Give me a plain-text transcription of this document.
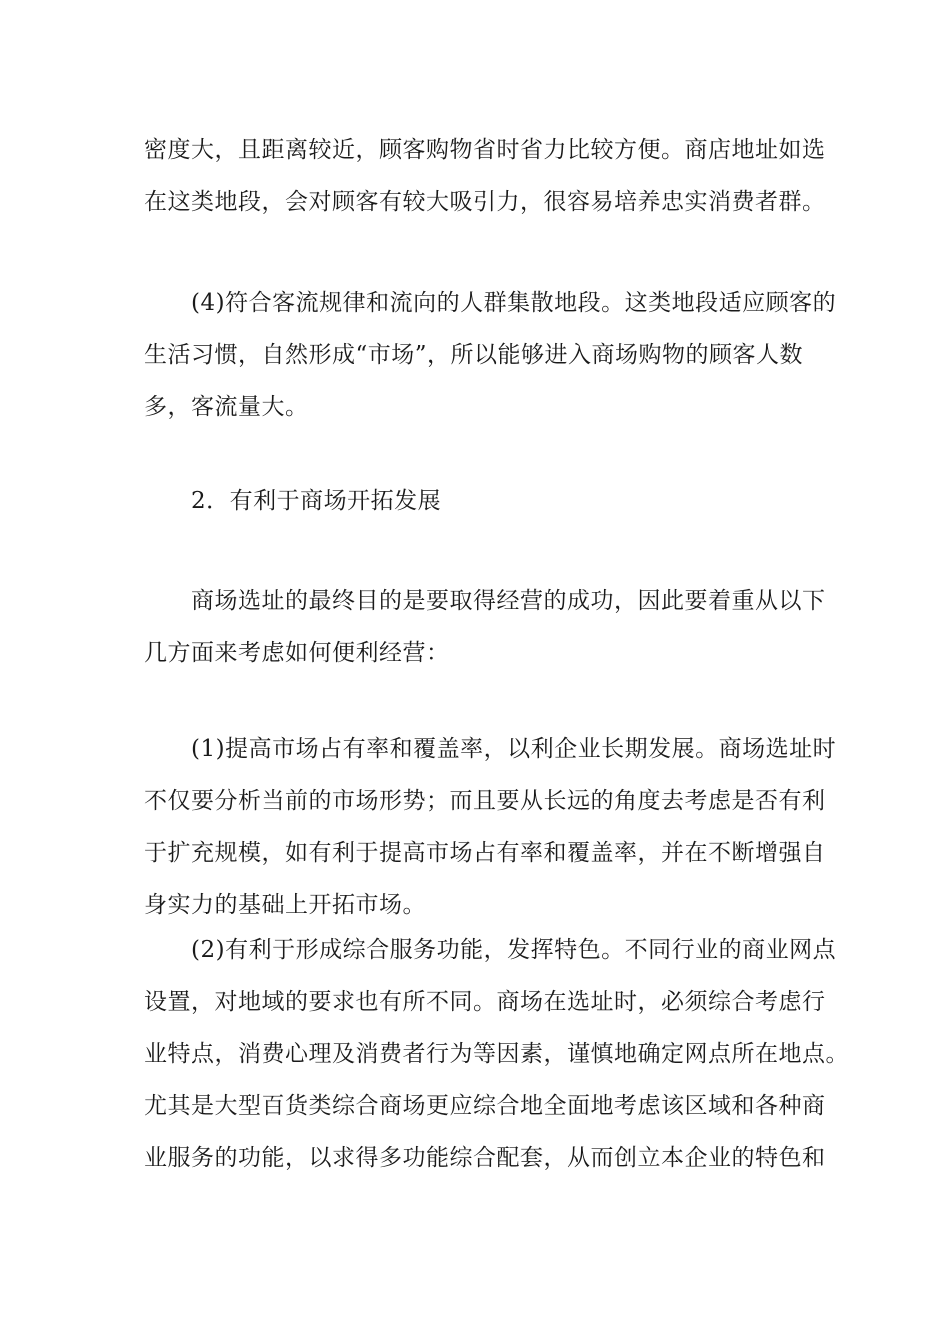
密度大，且距离较近，顾客购物省时省力比较方便。商店地址如选
在这类地段，会对顾客有较大吸引力，很容易培养忠实消费者群。

　　(4)符合客流规律和流向的人群集散地段。这类地段适应顾客的
生活习惯，自然形成“市场”，所以能够进入商场购物的顾客人数
多，客流量大。

　　2．有利于商场开拓发展

　　商场选址的最终目的是要取得经营的成功，因此要着重从以下
几方面来考虑如何便利经营：

　　(1)提高市场占有率和覆盖率，以利企业长期发展。商场选址时
不仅要分析当前的市场形势；而且要从长远的角度去考虑是否有利
于扩充规模，如有利于提高市场占有率和覆盖率，并在不断增强自
身实力的基础上开拓市场。

　　(2)有利于形成综合服务功能，发挥特色。不同行业的商业网点
设置，对地域的要求也有所不同。商场在选址时，必须综合考虑行
业特点，消费心理及消费者行为等因素，谨慎地确定网点所在地点。
尤其是大型百货类综合商场更应综合地全面地考虑该区域和各种商
业服务的功能，以求得多功能综合配套，从而创立本企业的特色和
